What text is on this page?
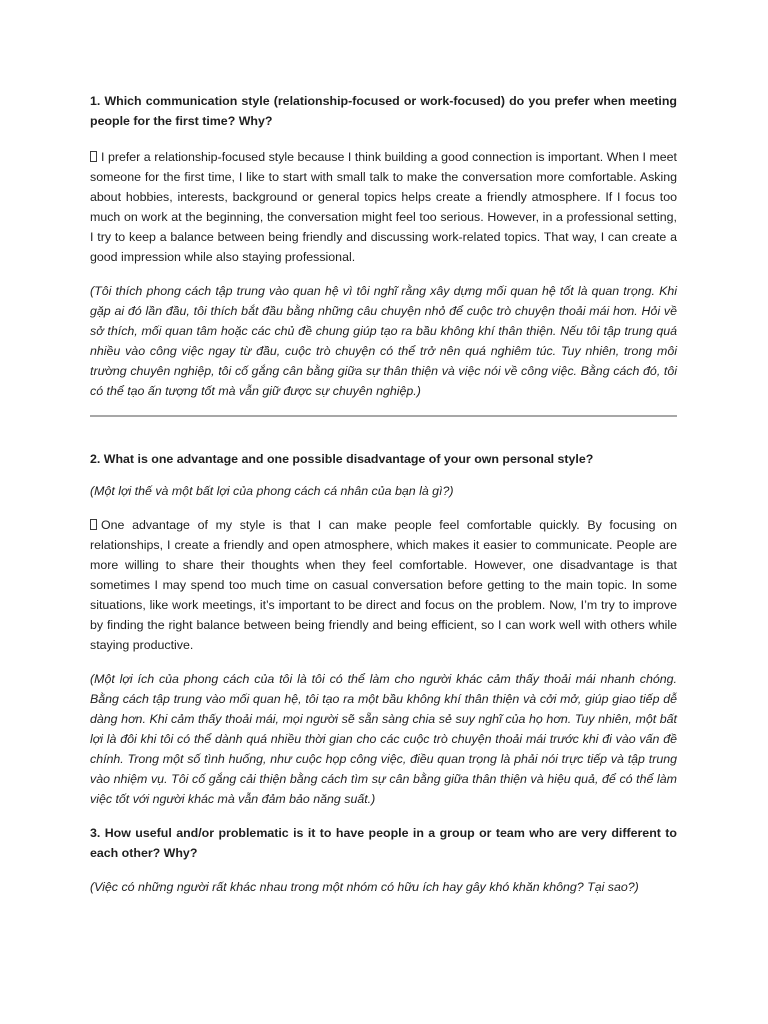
1. Which communication style (relationship-focused or work-focused) do you prefer when meeting people for the first time? Why?

I prefer a relationship-focused style because I think building a good connection is important. When I meet someone for the first time, I like to start with small talk to make the conversation more comfortable. Asking about hobbies, interests, background or general topics helps create a friendly atmosphere. If I focus too much on work at the beginning, the conversation might feel too serious. However, in a professional setting, I try to keep a balance between being friendly and discussing work-related topics. That way, I can create a good impression while also staying professional.

(Tôi thích phong cách tập trung vào quan hệ vì tôi nghĩ rằng xây dựng mối quan hệ tốt là quan trọng. Khi gặp ai đó lần đầu, tôi thích bắt đầu bằng những câu chuyện nhỏ để cuộc trò chuyện thoải mái hơn. Hỏi về sở thích, mối quan tâm hoặc các chủ đề chung giúp tạo ra bầu không khí thân thiện. Nếu tôi tập trung quá nhiều vào công việc ngay từ đầu, cuộc trò chuyện có thể trở nên quá nghiêm túc. Tuy nhiên, trong môi trường chuyên nghiệp, tôi cố gắng cân bằng giữa sự thân thiện và việc nói về công việc. Bằng cách đó, tôi có thể tạo ấn tượng tốt mà vẫn giữ được sự chuyên nghiệp.)

2. What is one advantage and one possible disadvantage of your own personal style?

(Một lợi thế và một bất lợi của phong cách cá nhân của bạn là gì?)

One advantage of my style is that I can make people feel comfortable quickly. By focusing on relationships, I create a friendly and open atmosphere, which makes it easier to communicate. People are more willing to share their thoughts when they feel comfortable. However, one disadvantage is that sometimes I may spend too much time on casual conversation before getting to the main topic. In some situations, like work meetings, it’s important to be direct and focus on the problem. Now, I’m try to improve by finding the right balance between being friendly and being efficient, so I can work well with others while staying productive.

(Một lợi ích của phong cách của tôi là tôi có thể làm cho người khác cảm thấy thoải mái nhanh chóng. Bằng cách tập trung vào mối quan hệ, tôi tạo ra một bầu không khí thân thiện và cởi mở, giúp giao tiếp dễ dàng hơn. Khi cảm thấy thoải mái, mọi người sẽ sẵn sàng chia sẻ suy nghĩ của họ hơn. Tuy nhiên, một bất lợi là đôi khi tôi có thể dành quá nhiều thời gian cho các cuộc trò chuyện thoải mái trước khi đi vào vấn đề chính. Trong một số tình huống, như cuộc họp công việc, điều quan trọng là phải nói trực tiếp và tập trung vào nhiệm vụ. Tôi cố gắng cải thiện bằng cách tìm sự cân bằng giữa thân thiện và hiệu quả, để có thể làm việc tốt với người khác mà vẫn đảm bảo năng suất.)

3. How useful and/or problematic is it to have people in a group or team who are very different to each other? Why?

(Việc có những người rất khác nhau trong một nhóm có hữu ích hay gây khó khăn không? Tại sao?)
